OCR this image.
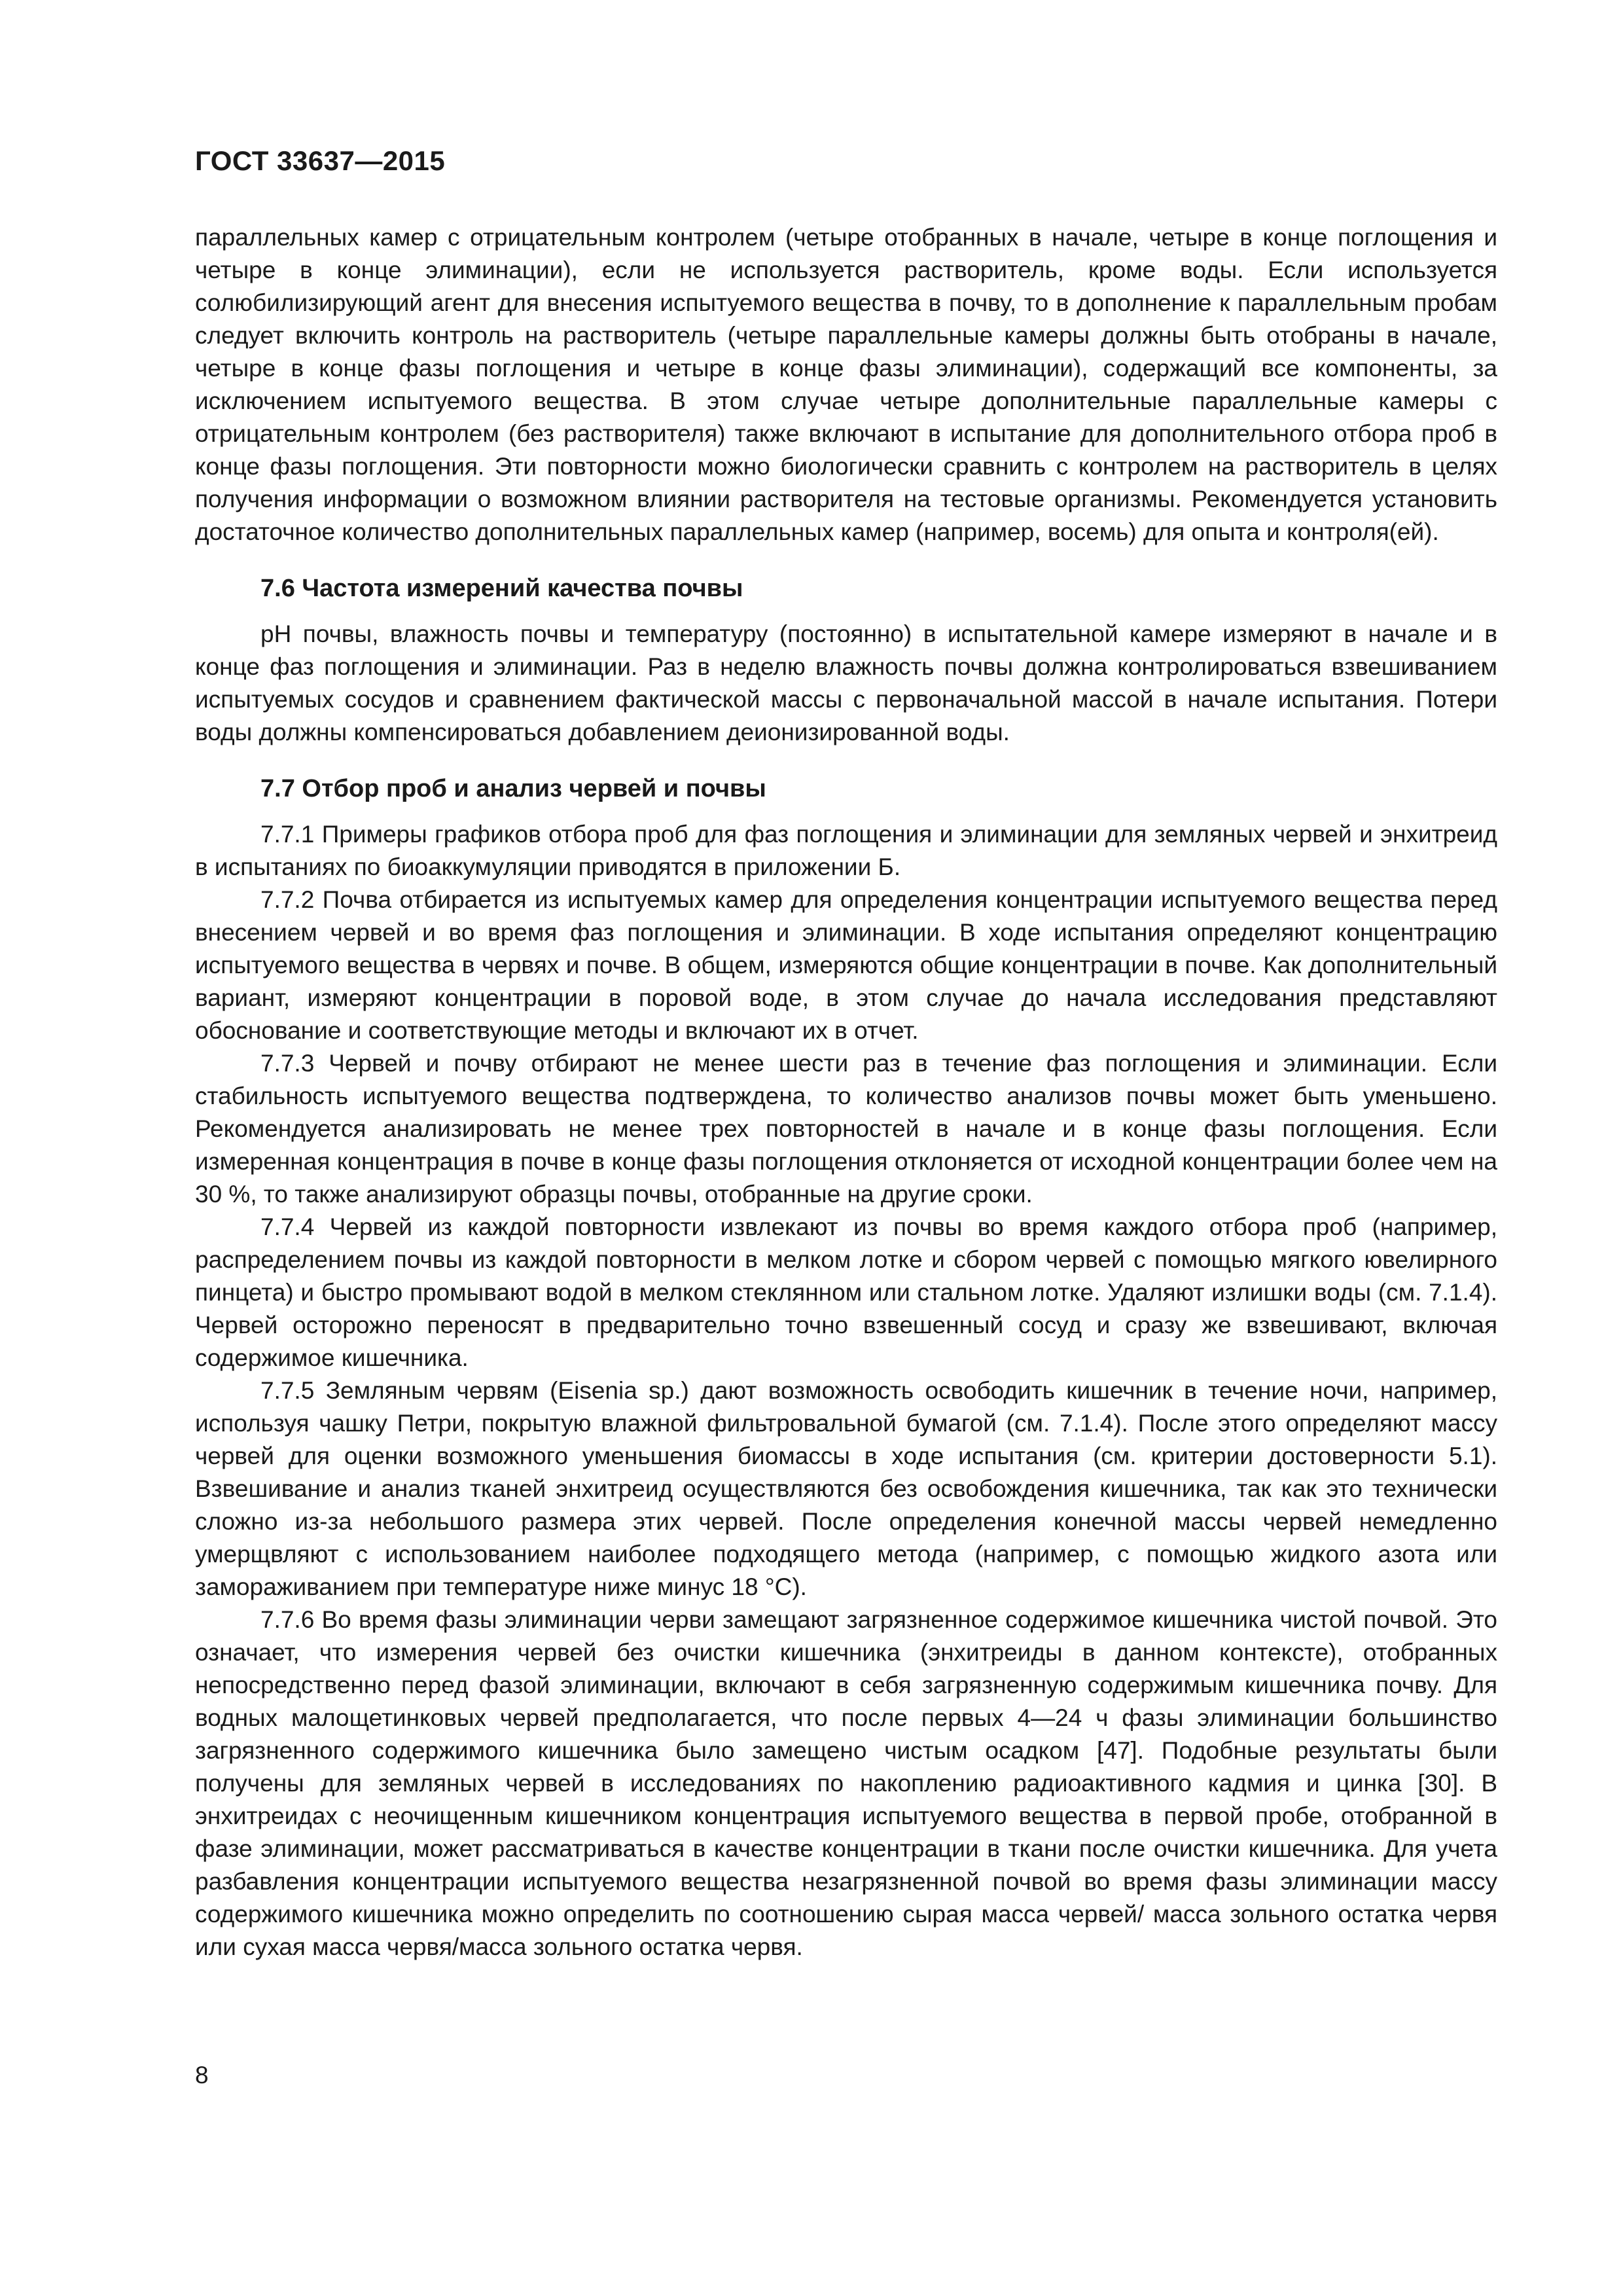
ГОСТ 33637—2015

параллельных камер с отрицательным контролем (четыре отобранных в начале, четыре в конце поглощения и четыре в конце элиминации), если не используется растворитель, кроме воды. Если используется солюбилизирующий агент для внесения испытуемого вещества в почву, то в дополнение к параллельным пробам следует включить контроль на растворитель (четыре параллельные камеры должны быть отобраны в начале, четыре в конце фазы поглощения и четыре в конце фазы элиминации), содержащий все компоненты, за исключением испытуемого вещества. В этом случае четыре дополнительные параллельные камеры с отрицательным контролем (без растворителя) также включают в испытание для дополнительного отбора проб в конце фазы поглощения. Эти повторности можно биологически сравнить с контролем на растворитель в целях получения информации о возможном влиянии растворителя на тестовые организмы. Рекомендуется установить достаточное количество дополнительных параллельных камер (например, восемь) для опыта и контроля(ей).

7.6 Частота измерений качества почвы

рН почвы, влажность почвы и температуру (постоянно) в испытательной камере измеряют в начале и в конце фаз поглощения и элиминации. Раз в неделю влажность почвы должна контролироваться взвешиванием испытуемых сосудов и сравнением фактической массы с первоначальной массой в начале испытания. Потери воды должны компенсироваться добавлением деионизированной воды.

7.7 Отбор проб и анализ червей и почвы

7.7.1 Примеры графиков отбора проб для фаз поглощения и элиминации для земляных червей и энхитреид в испытаниях по биоаккумуляции приводятся в приложении Б.

7.7.2 Почва отбирается из испытуемых камер для определения концентрации испытуемого вещества перед внесением червей и во время фаз поглощения и элиминации. В ходе испытания определяют концентрацию испытуемого вещества в червях и почве. В общем, измеряются общие концентрации в почве. Как дополнительный вариант, измеряют концентрации в поровой воде, в этом случае до начала исследования представляют обоснование и соответствующие методы и включают их в отчет.

7.7.3 Червей и почву отбирают не менее шести раз в течение фаз поглощения и элиминации. Если стабильность испытуемого вещества подтверждена, то количество анализов почвы может быть уменьшено. Рекомендуется анализировать не менее трех повторностей в начале и в конце фазы поглощения. Если измеренная концентрация в почве в конце фазы поглощения отклоняется от исходной концентрации более чем на 30 %, то также анализируют образцы почвы, отобранные на другие сроки.

7.7.4 Червей из каждой повторности извлекают из почвы во время каждого отбора проб (например, распределением почвы из каждой повторности в мелком лотке и сбором червей с помощью мягкого ювелирного пинцета) и быстро промывают водой в мелком стеклянном или стальном лотке. Удаляют излишки воды (см. 7.1.4). Червей осторожно переносят в предварительно точно взвешенный сосуд и сразу же взвешивают, включая содержимое кишечника.

7.7.5 Земляным червям (Eisenia sp.) дают возможность освободить кишечник в течение ночи, например, используя чашку Петри, покрытую влажной фильтровальной бумагой (см. 7.1.4). После этого определяют массу червей для оценки возможного уменьшения биомассы в ходе испытания (см. критерии достоверности 5.1). Взвешивание и анализ тканей энхитреид осуществляются без освобождения кишечника, так как это технически сложно из-за небольшого размера этих червей. После определения конечной массы червей немедленно умерщвляют с использованием наиболее подходящего метода (например, с помощью жидкого азота или замораживанием при температуре ниже минус 18 °С).

7.7.6 Во время фазы элиминации черви замещают загрязненное содержимое кишечника чистой почвой. Это означает, что измерения червей без очистки кишечника (энхитреиды в данном контексте), отобранных непосредственно перед фазой элиминации, включают в себя загрязненную содержимым кишечника почву. Для водных малощетинковых червей предполагается, что после первых 4—24 ч фазы элиминации большинство загрязненного содержимого кишечника было замещено чистым осадком [47]. Подобные результаты были получены для земляных червей в исследованиях по накоплению радиоактивного кадмия и цинка [30]. В энхитреидах с неочищенным кишечником концентрация испытуемого вещества в первой пробе, отобранной в фазе элиминации, может рассматриваться в качестве концентрации в ткани после очистки кишечника. Для учета разбавления концентрации испытуемого вещества незагрязненной почвой во время фазы элиминации массу содержимого кишечника можно определить по соотношению сырая масса червей/ масса зольного остатка червя или сухая масса червя/масса зольного остатка червя.

8
